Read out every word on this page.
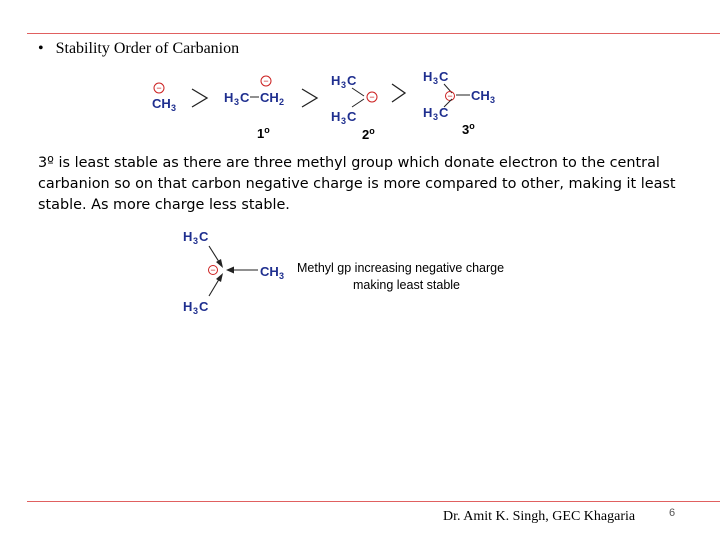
• Stability Order of Carbanion
−
CH 3
H 3 C CH 2
−
$1^o$
H 3 C
−
H 3 C
2$^o$
H 3 C
− CH 3
H 3 C
3$^o$
H 3 C
−	CH 3
H 3 C
Methyl gp increasing negative charge
making least stable
3º is least stable as there are three methyl group which donate electron to the central carbanion so on that carbon negative charge is more compared to other, making it least stable. As more charge less stable.
Dr. Amit K. Singh, GEC Khagaria	6
